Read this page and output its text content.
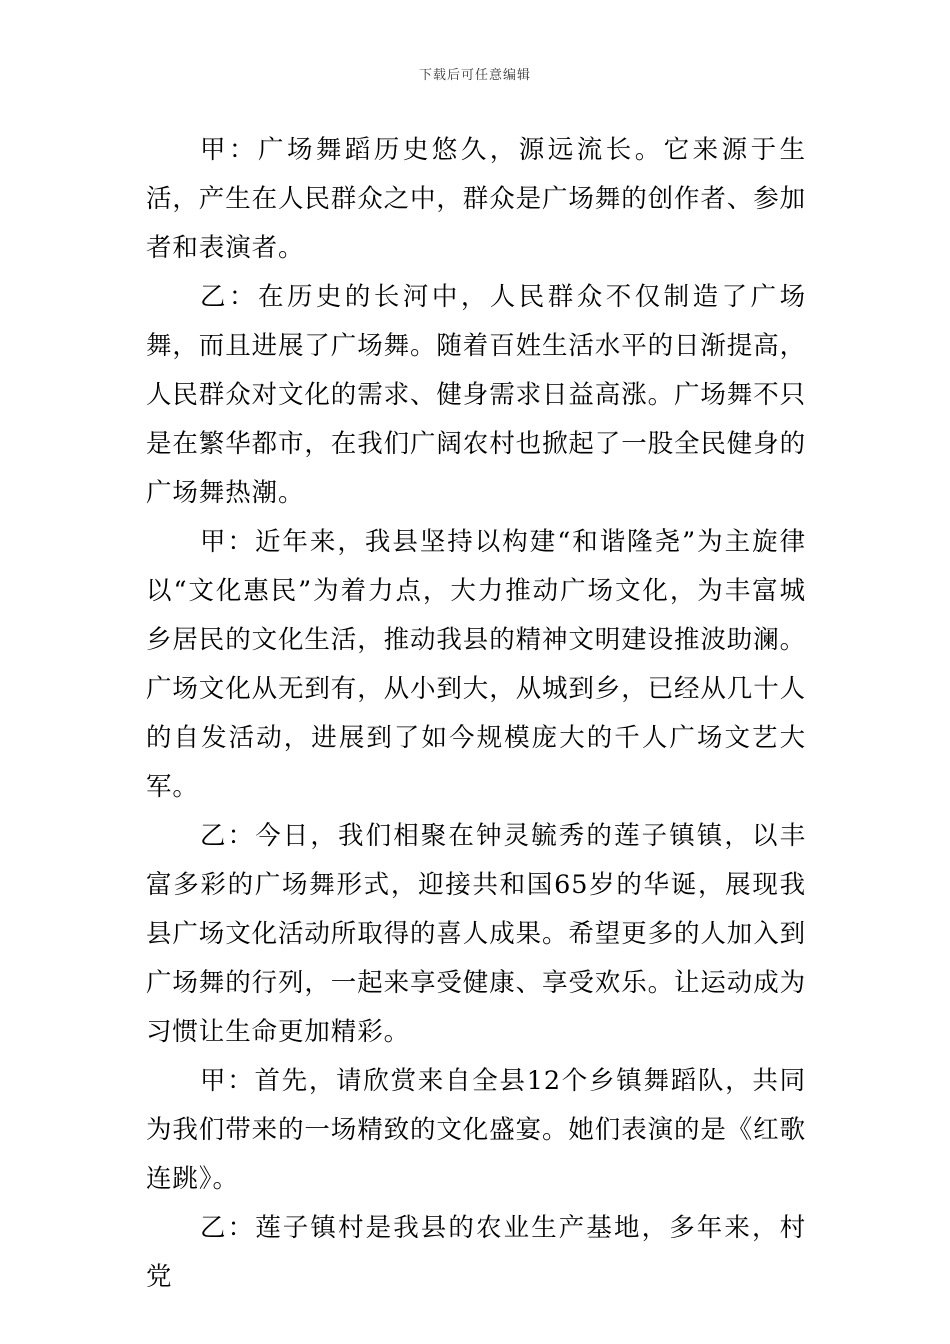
下载后可任意编辑

甲：广场舞蹈历史悠久，源远流长。它来源于生活，产生在人民群众之中，群众是广场舞的创作者、参加者和表演者。

乙：在历史的长河中，人民群众不仅制造了广场舞，而且进展了广场舞。随着百姓生活水平的日渐提高，人民群众对文化的需求、健身需求日益高涨。广场舞不只是在繁华都市，在我们广阔农村也掀起了一股全民健身的广场舞热潮。

甲：近年来，我县坚持以构建“和谐隆尧”为主旋律以“文化惠民”为着力点，大力推动广场文化，为丰富城乡居民的文化生活，推动我县的精神文明建设推波助澜。广场文化从无到有，从小到大，从城到乡，已经从几十人的自发活动，进展到了如今规模庞大的千人广场文艺大军。

乙：今日，我们相聚在钟灵毓秀的莲子镇镇，以丰富多彩的广场舞形式，迎接共和国65岁的华诞，展现我县广场文化活动所取得的喜人成果。希望更多的人加入到广场舞的行列，一起来享受健康、享受欢乐。让运动成为习惯让生命更加精彩。

甲：首先，请欣赏来自全县12个乡镇舞蹈队，共同为我们带来的一场精致的文化盛宴。她们表演的是《红歌连跳》。

乙：莲子镇村是我县的农业生产基地，多年来，村党
